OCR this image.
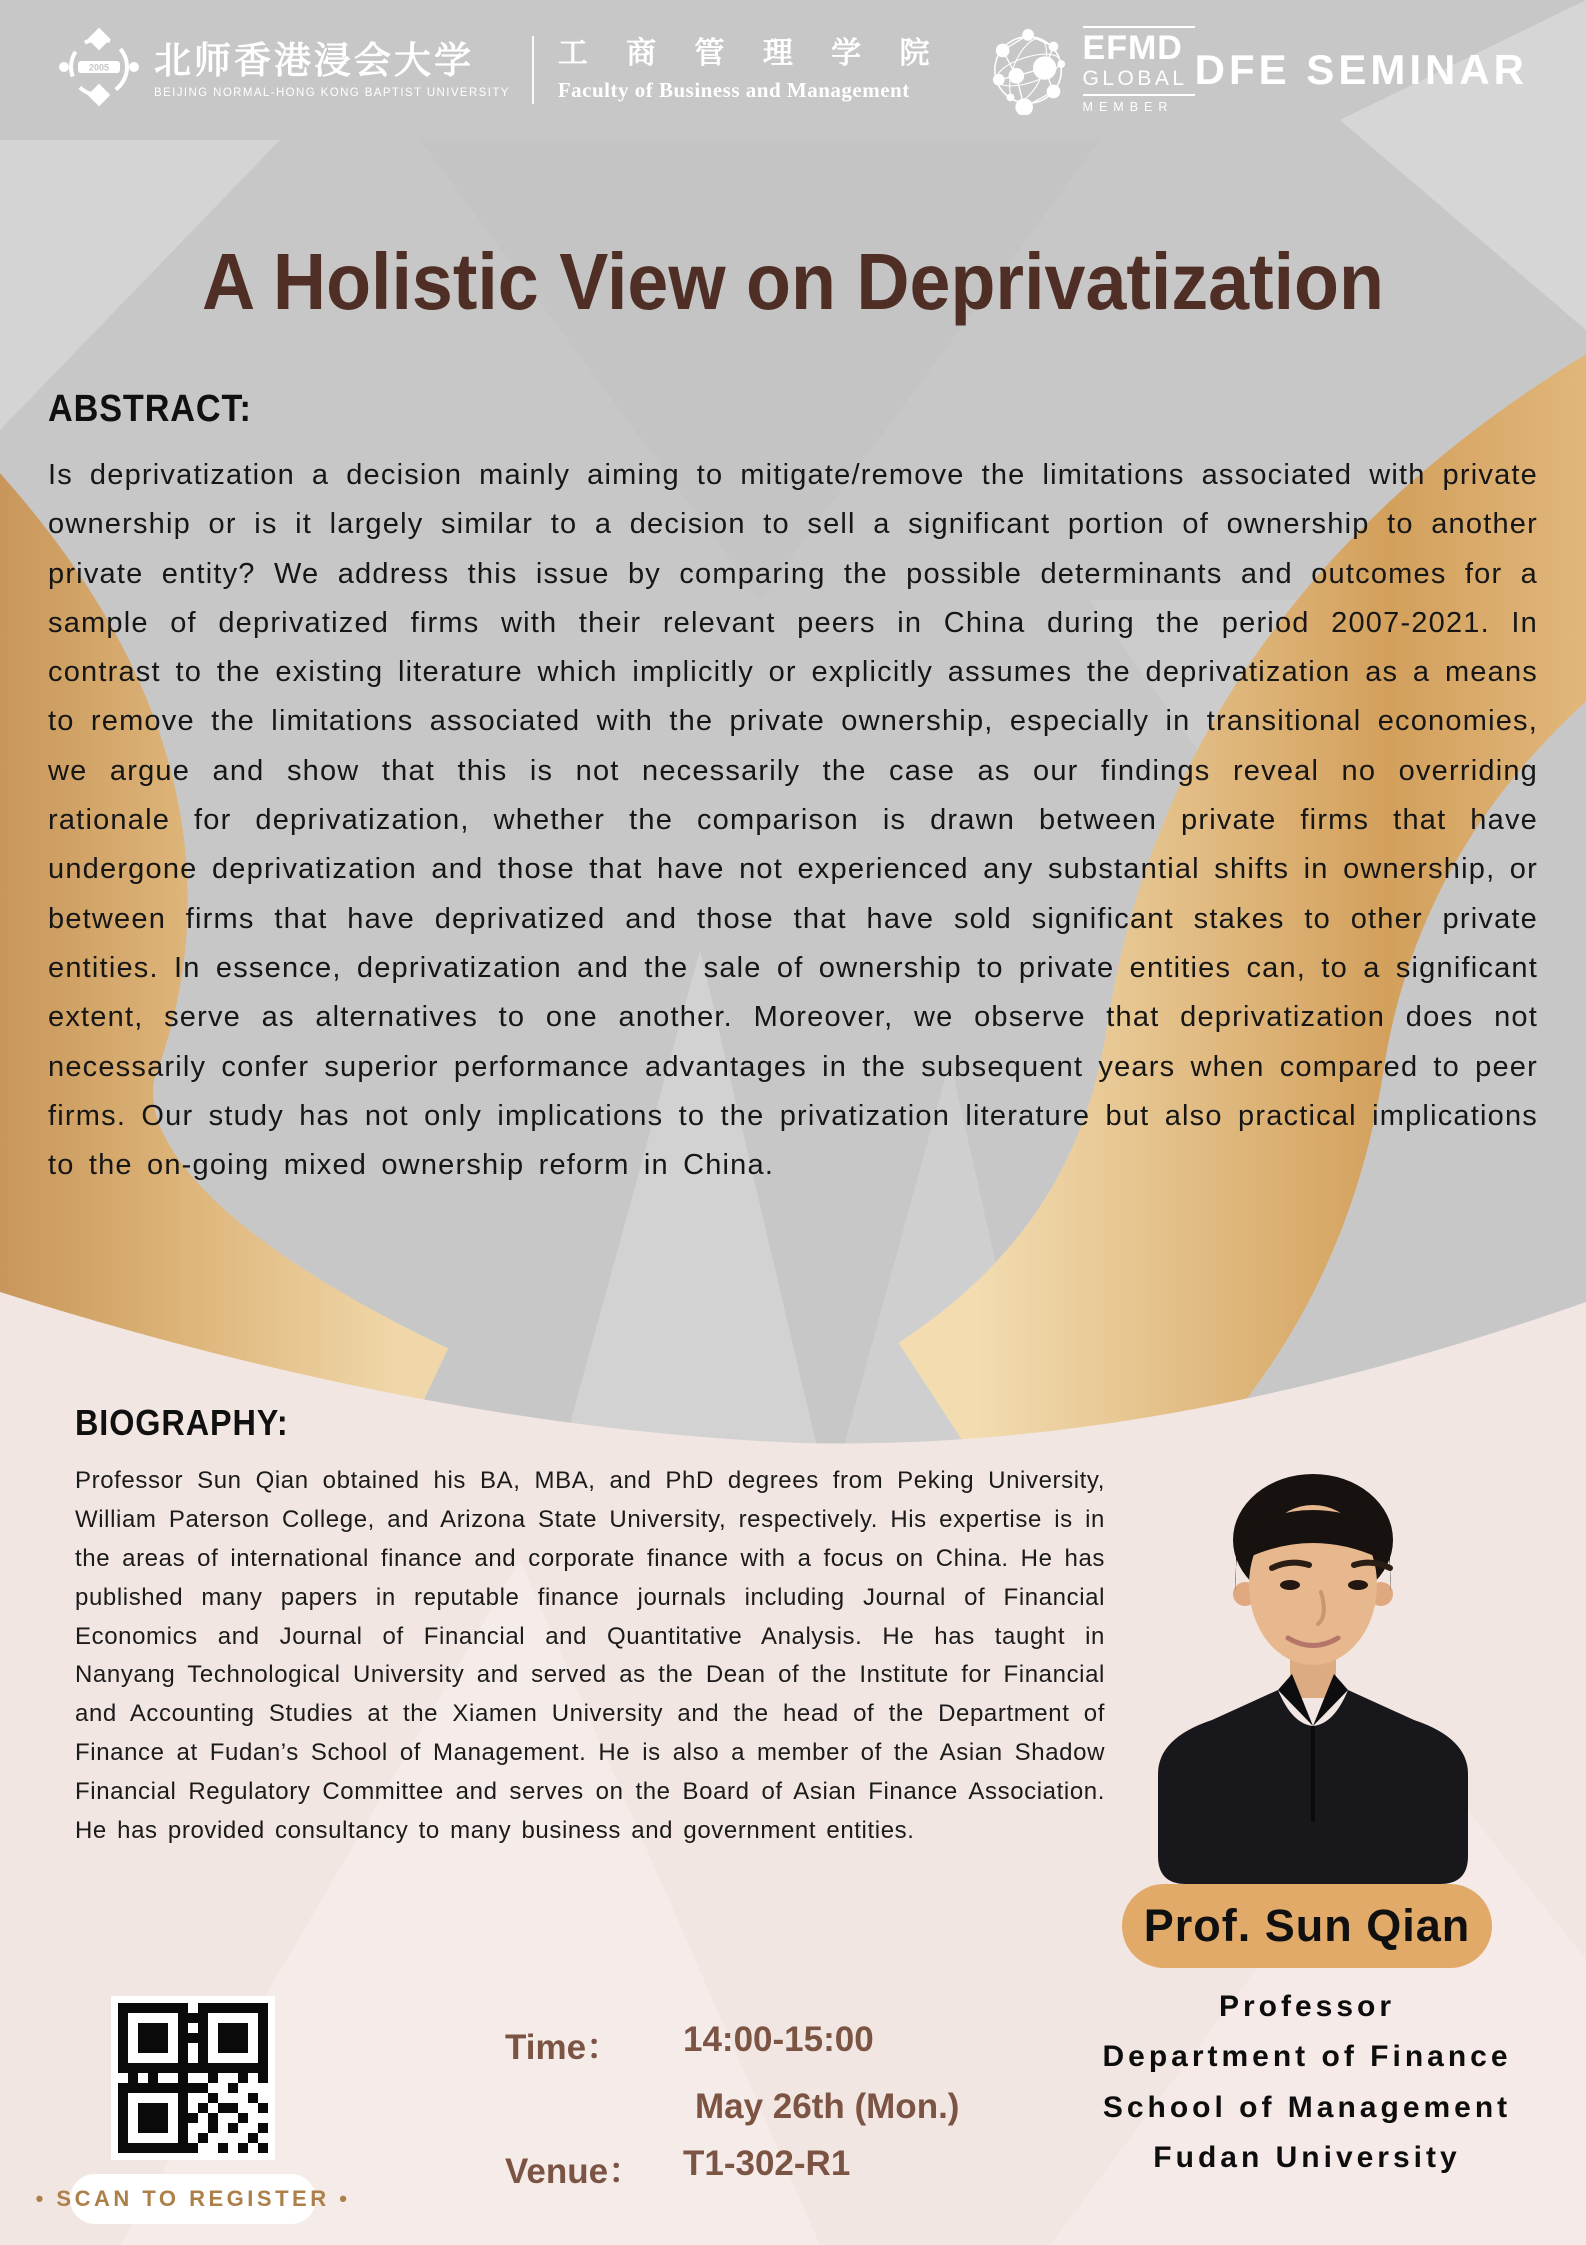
2005 北师香港浸会大学
BEIJING NORMAL-HONG KONG BAPTIST UNIVERSITY
工 商 管 理 学 院
Faculty of Business and Management
EFMD
GLOBAL
MEMBER
DFE SEMINAR
A Holistic View on Deprivatization
ABSTRACT:

Is deprivatization a decision mainly aiming to mitigate/remove the limitations associated with private ownership or is it largely similar to a decision to sell a significant portion of ownership to another private entity? We address this issue by comparing the possible determinants and outcomes for a sample of deprivatized firms with their relevant peers in China during the period 2007-2021. In contrast to the existing literature which implicitly or explicitly assumes the deprivatization as a means to remove the limitations associated with the private ownership, especially in transitional economies, we argue and show that this is not necessarily the case as our findings reveal no overriding rationale for deprivatization, whether the comparison is drawn between private firms that have undergone deprivatization and those that have not experienced any substantial shifts in ownership, or between firms that have deprivatized and those that have sold significant stakes to other private entities. In essence, deprivatization and the sale of ownership to private entities can, to a significant extent, serve as alternatives to one another. Moreover, we observe that deprivatization does not necessarily confer superior performance advantages in the subsequent years when compared to peer firms. Our study has not only implications to the privatization literature but also practical implications to the on-going mixed ownership reform in China.

BIOGRAPHY:

Professor Sun Qian obtained his BA, MBA, and PhD degrees from Peking University, William Paterson College, and Arizona State University, respectively. His expertise is in the areas of international finance and corporate finance with a focus on China. He has published many papers in reputable finance journals including Journal of Financial Economics and Journal of Financial and Quantitative Analysis. He has taught in Nanyang Technological University and served as the Dean of the Institute for Financial and Accounting Studies at the Xiamen University and the head of the Department of Finance at Fudan’s School of Management. He is also a member of the Asian Shadow Financial Regulatory Committee and serves on the Board of Asian Finance Association. He has provided consultancy to many business and government entities.

Prof. Sun Qian
Professor
Department of Finance
School of Management
Fudan University
• SCAN TO REGISTER •
Time：	14:00-15:00
May 26th (Mon.)
Venue：	T1-302-R1
